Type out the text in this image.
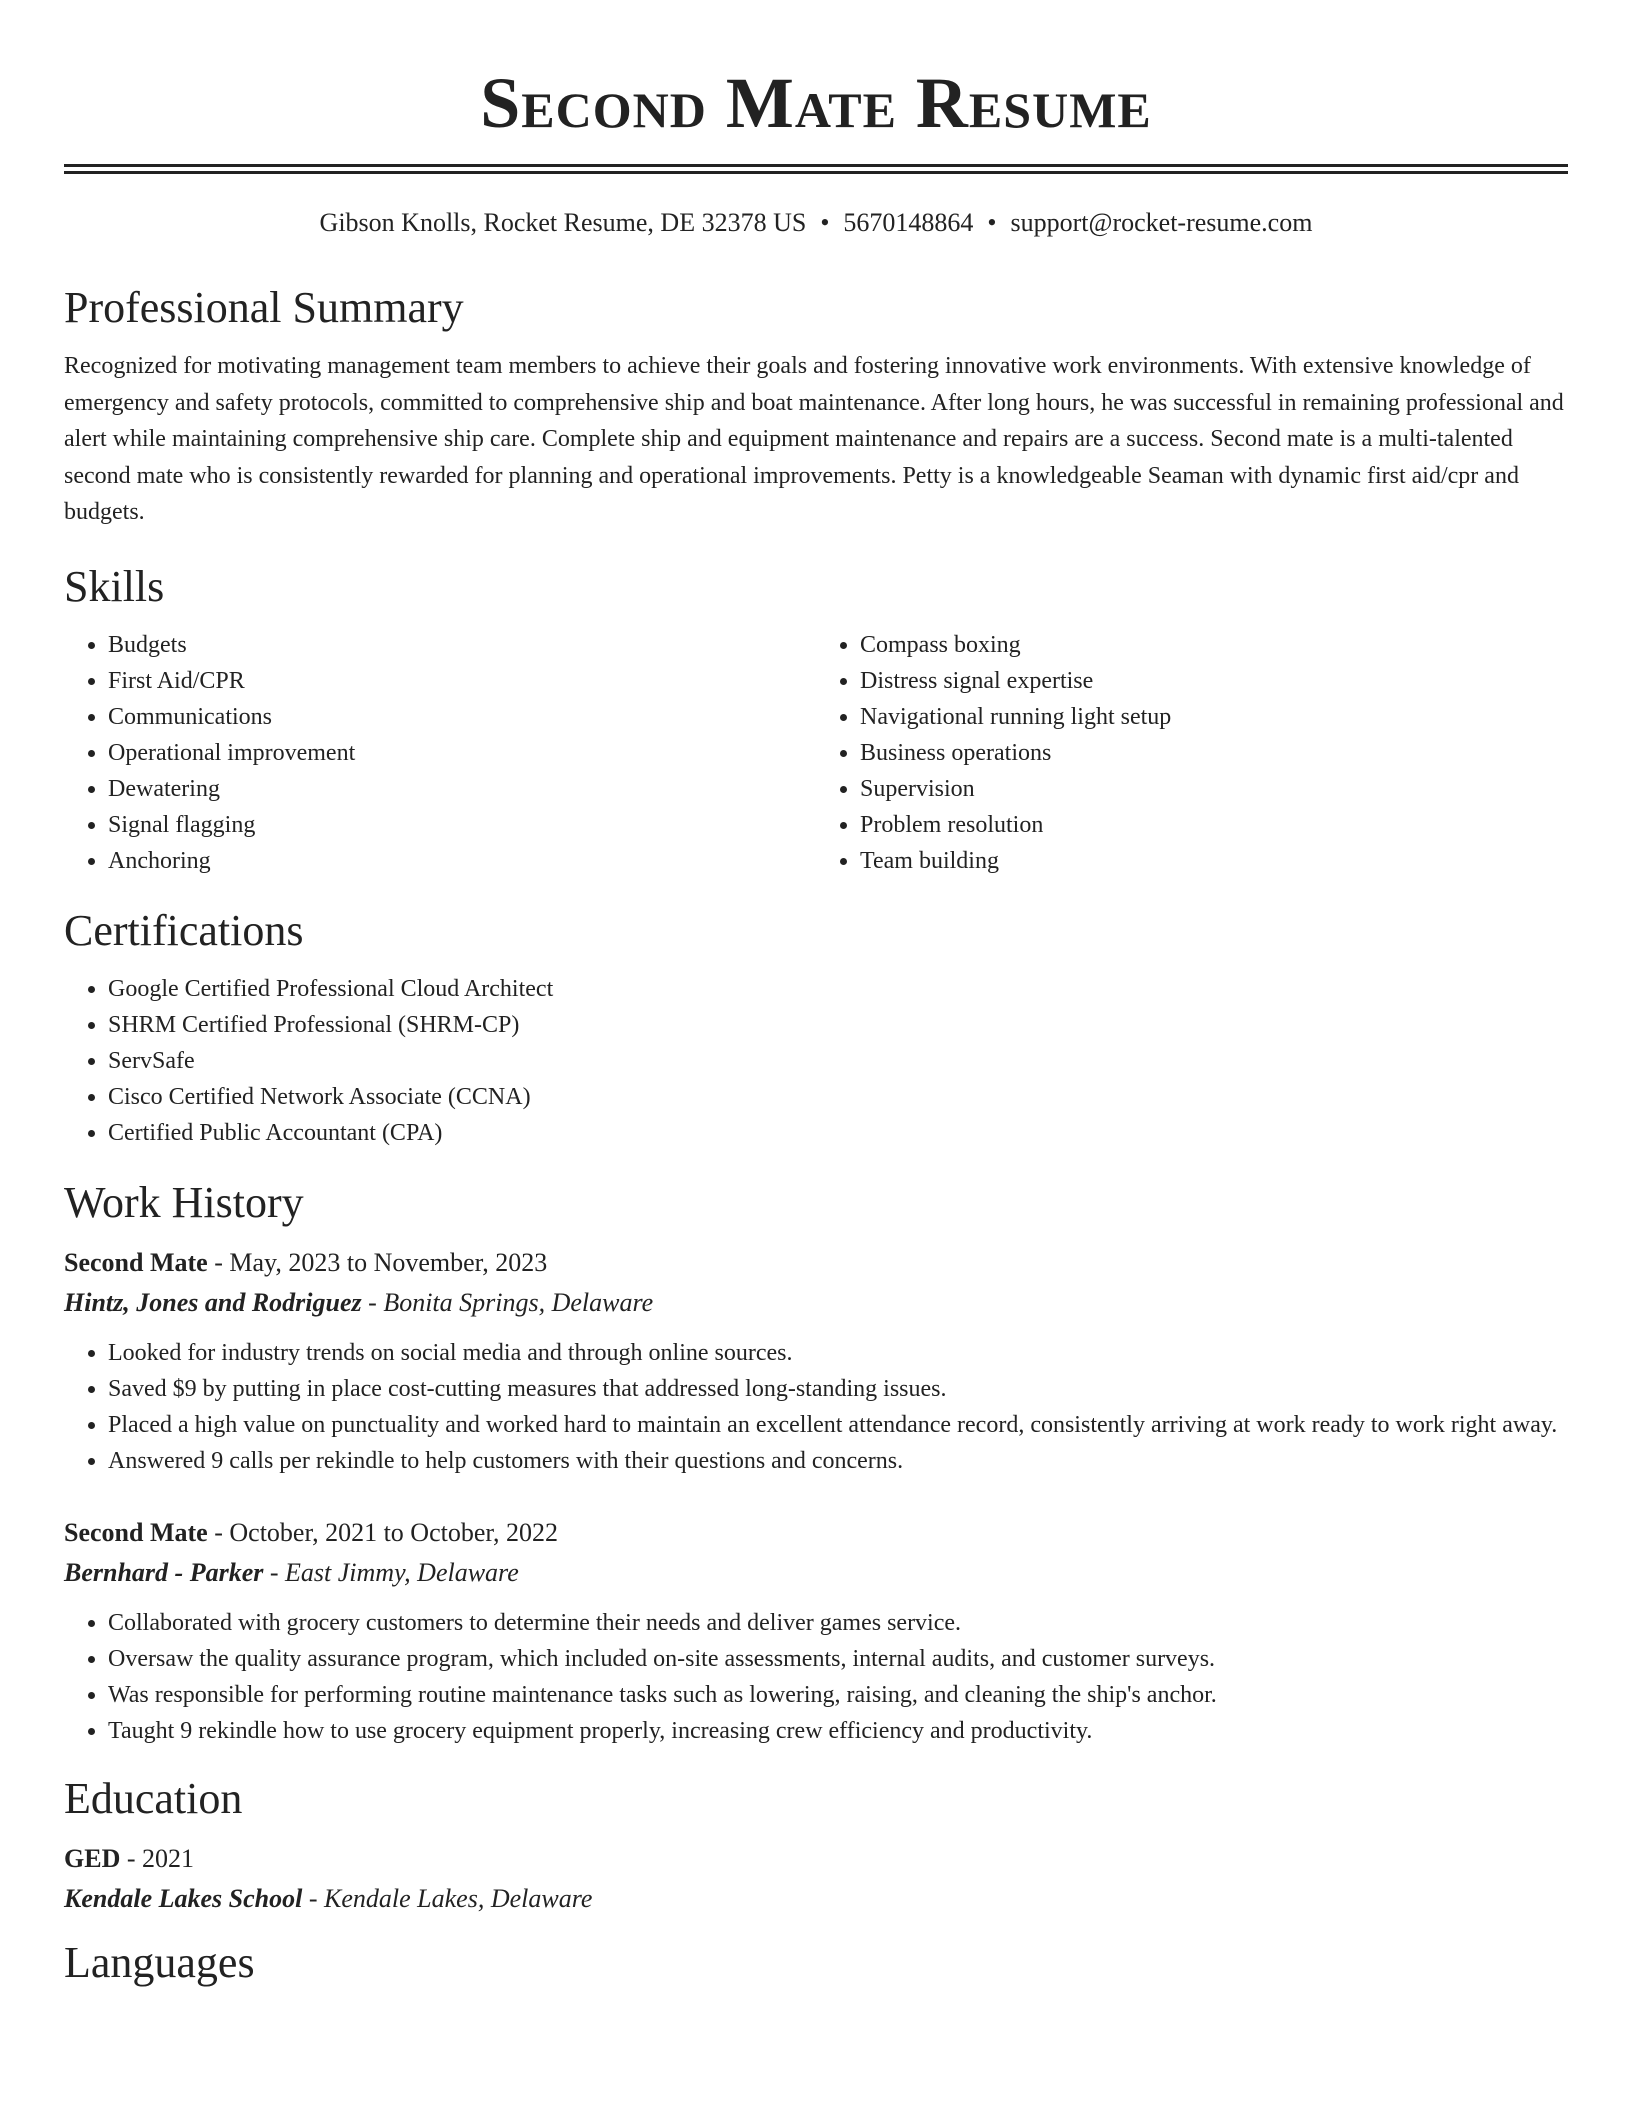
Second Mate Resume
Gibson Knolls, Rocket Resume, DE 32378 US • 5670148864 • support@rocket-resume.com
Professional Summary

Recognized for motivating management team members to achieve their goals and fostering innovative work environments. With extensive knowledge of emergency and safety protocols, committed to comprehensive ship and boat maintenance. After long hours, he was successful in remaining professional and alert while maintaining comprehensive ship care. Complete ship and equipment maintenance and repairs are a success. Second mate is a multi-talented second mate who is consistently rewarded for planning and operational improvements. Petty is a knowledgeable Seaman with dynamic first aid/cpr and budgets.

Skills
• Budgets
• First Aid/CPR
• Communications
• Operational improvement
• Dewatering
• Signal flagging
• Anchoring
• Compass boxing
• Distress signal expertise
• Navigational running light setup
• Business operations
• Supervision
• Problem resolution
• Team building
Certifications
• Google Certified Professional Cloud Architect
• SHRM Certified Professional (SHRM-CP)
• ServSafe
• Cisco Certified Network Associate (CCNA)
• Certified Public Accountant (CPA)
Work History
Second Mate - May, 2023 to November, 2023
Hintz, Jones and Rodriguez - Bonita Springs, Delaware
• Looked for industry trends on social media and through online sources.
• Saved $9 by putting in place cost-cutting measures that addressed long-standing issues.
• Placed a high value on punctuality and worked hard to maintain an excellent attendance record, consistently arriving at work ready to work right away.
• Answered 9 calls per rekindle to help customers with their questions and concerns.
Second Mate - October, 2021 to October, 2022
Bernhard - Parker - East Jimmy, Delaware
• Collaborated with grocery customers to determine their needs and deliver games service.
• Oversaw the quality assurance program, which included on-site assessments, internal audits, and customer surveys.
• Was responsible for performing routine maintenance tasks such as lowering, raising, and cleaning the ship's anchor.
• Taught 9 rekindle how to use grocery equipment properly, increasing crew efficiency and productivity.
Education
GED - 2021
Kendale Lakes School - Kendale Lakes, Delaware
Languages
